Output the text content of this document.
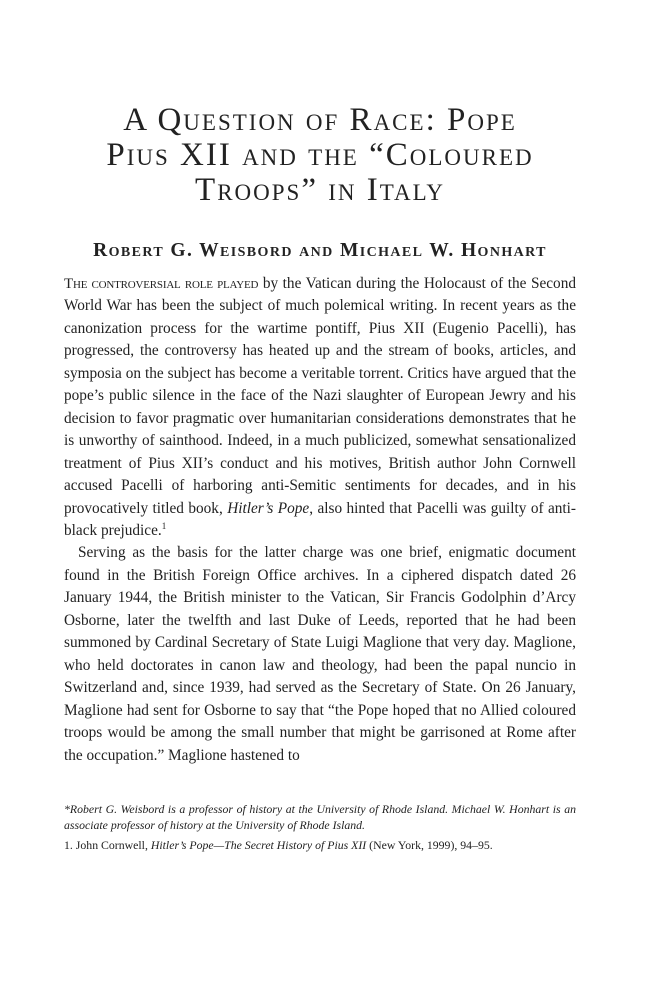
A Question of Race: Pope
Pius XII and the “Coloured
Troops” in Italy
Robert G. Weisbord and Michael W. Honhart

The controversial role played by the Vatican during the Holocaust of the Second World War has been the subject of much polemical writing. In recent years as the canonization process for the wartime pontiff, Pius XII (Eugenio Pacelli), has progressed, the controversy has heated up and the stream of books, articles, and symposia on the subject has become a veritable torrent. Critics have argued that the pope’s public silence in the face of the Nazi slaughter of European Jewry and his decision to favor pragmatic over humanitarian considerations demonstrates that he is unworthy of sainthood. Indeed, in a much publicized, somewhat sensationalized treatment of Pius XII’s conduct and his motives, British author John Cornwell accused Pacelli of harboring anti-Semitic sentiments for decades, and in his provocatively titled book, Hitler’s Pope, also hinted that Pacelli was guilty of anti-black prejudice.$^1$

Serving as the basis for the latter charge was one brief, enigmatic document found in the British Foreign Office archives. In a ciphered dispatch dated 26 January 1944, the British minister to the Vatican, Sir Francis Godolphin d’Arcy Osborne, later the twelfth and last Duke of Leeds, reported that he had been summoned by Cardinal Secretary of State Luigi Maglione that very day. Maglione, who held doctorates in canon law and theology, had been the papal nuncio in Switzerland and, since 1939, had served as the Secretary of State. On 26 January, Maglione had sent for Osborne to say that “the Pope hoped that no Allied coloured troops would be among the small number that might be garrisoned at Rome after the occupation.” Maglione hastened to

*Robert G. Weisbord is a professor of history at the University of Rhode Island. Michael W. Honhart is an associate professor of history at the University of Rhode Island.

1. John Cornwell, Hitler’s Pope—The Secret History of Pius XII (New York, 1999), 94–95.
